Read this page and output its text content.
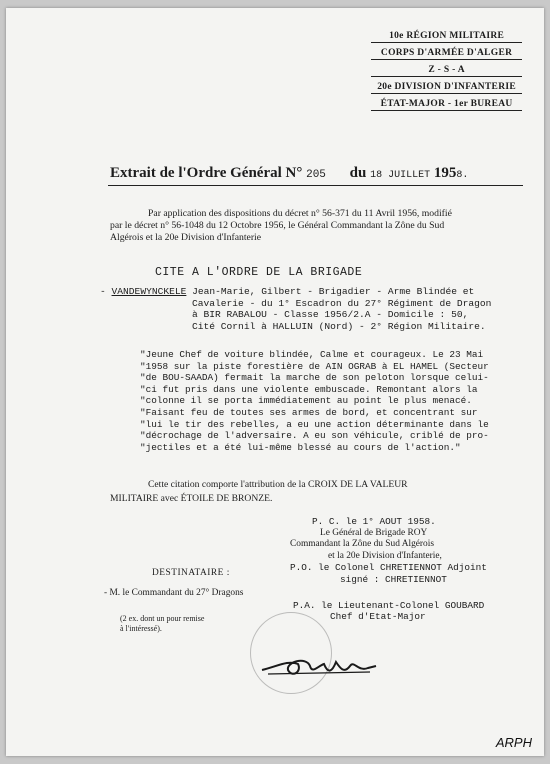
10e RÉGION MILITAIRE
CORPS D'ARMÉE D'ALGER
Z - S - A
20e DIVISION D'INFANTERIE
ÉTAT-MAJOR - 1er BUREAU
Extrait de l'Ordre Général N° 205 du 18 JUILLET 1958.
Par application des dispositions du décret n° 56-371 du 11 Avril 1956, modifié
par le décret n° 56-1048 du 12 Octobre 1956, le Général Commandant la Zône du Sud
Algérois et la 20e Division d'Infanterie
CITE A L'ORDRE DE LA BRIGADE
- VANDEWYNCKELE Jean-Marie, Gilbert - Brigadier - Arme Blindée et
Cavalerie - du 1° Escadron du 27° Régiment de Dragon
à BIR RABALOU - Classe 1956/2.A - Domicile : 50,
Cité Cornil à HALLUIN (Nord) - 2° Région Militaire.
"Jeune Chef de voiture blindée, Calme et courageux. Le 23 Mai
"1958 sur la piste forestière de AIN OGRAB à EL HAMEL (Secteur
"de BOU-SAADA) fermait la marche de son peloton lorsque celui-
"ci fut pris dans une violente embuscade. Remontant alors la
"colonne il se porta immédiatement au point le plus menacé.
"Faisant feu de toutes ses armes de bord, et concentrant sur
"lui le tir des rebelles, a eu une action déterminante dans le
"décrochage de l'adversaire. A eu son véhicule, criblé de pro-
"jectiles et a été lui-même blessé au cours de l'action."
Cette citation comporte l'attribution de la CROIX DE LA VALEUR
MILITAIRE avec ÉTOILE DE BRONZE.
P. C. le 1° AOUT 1958.
Le Général de Brigade ROY
Commandant la Zône du Sud Algérois
et la 20e Division d'Infanterie,
P.O. le Colonel CHRETIENNOT Adjoint
signé : CHRETIENNOT
P.A. le Lieutenant-Colonel GOUBARD
Chef d'Etat-Major
DESTINATAIRE :
- M. le Commandant du 27° Dragons
(2 ex. dont un pour remise
à l'intéressé).
ARPH
